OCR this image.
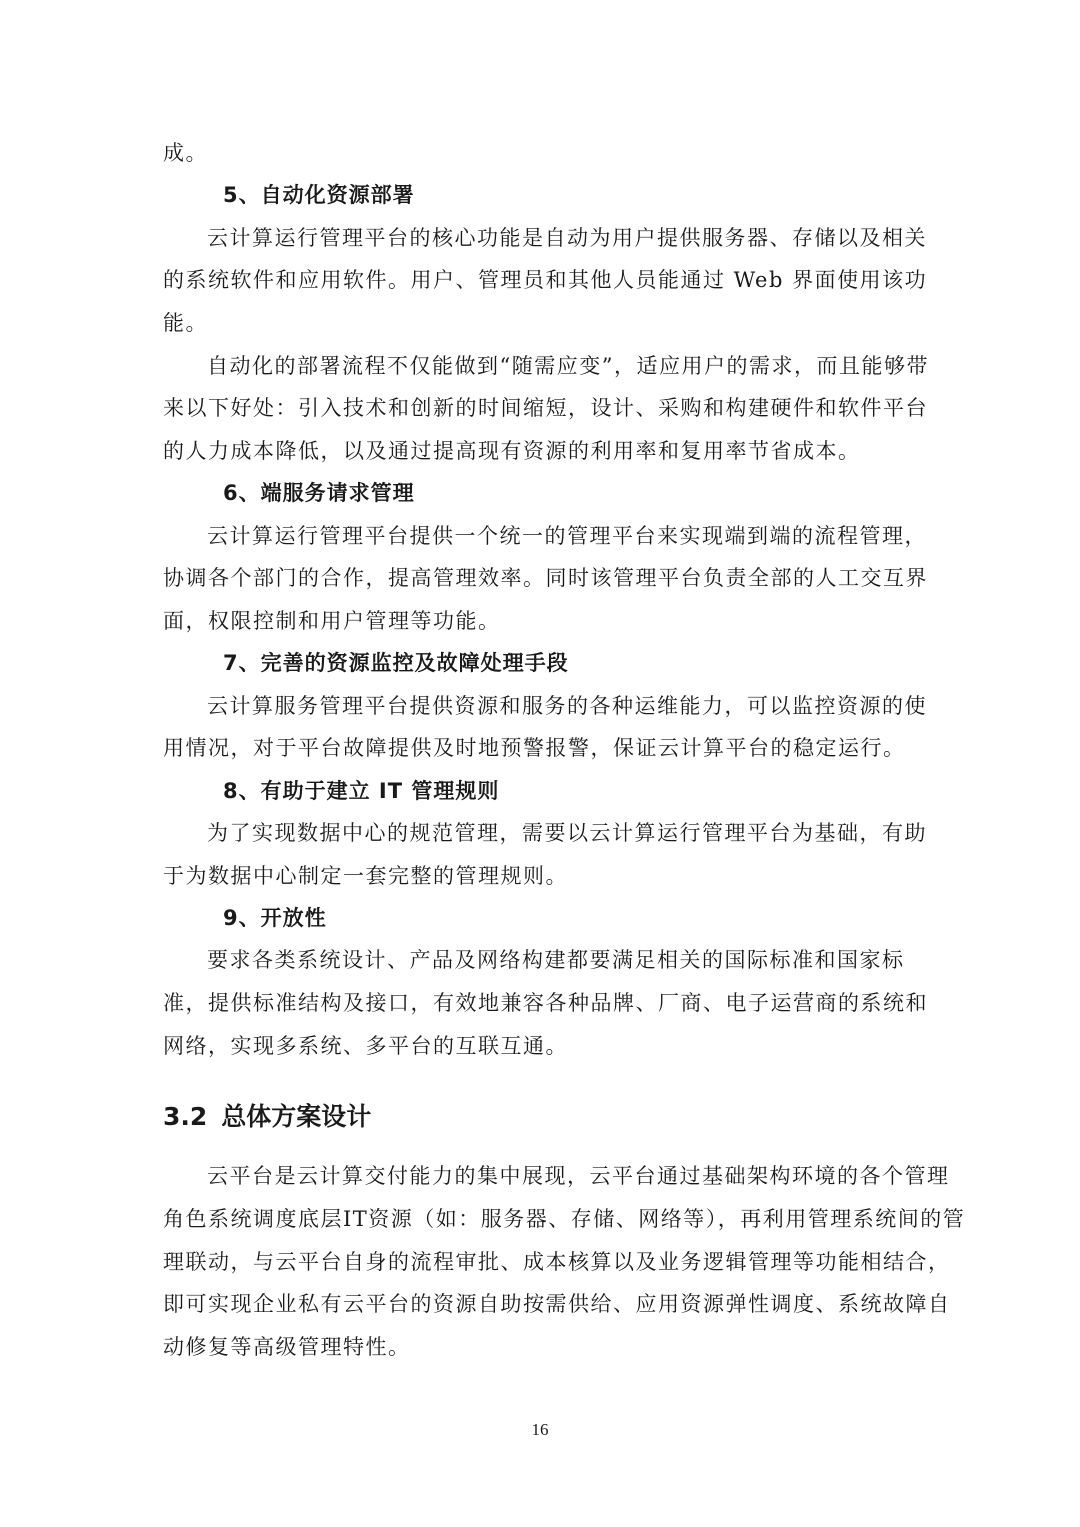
成。
5、自动化资源部署
云计算运行管理平台的核心功能是自动为用户提供服务器、存储以及相关
的系统软件和应用软件。用户、管理员和其他人员能通过 Web 界面使用该功
能。
自动化的部署流程不仅能做到“随需应变”，适应用户的需求，而且能够带
来以下好处：引入技术和创新的时间缩短，设计、采购和构建硬件和软件平台
的人力成本降低，以及通过提高现有资源的利用率和复用率节省成本。
6、端服务请求管理
云计算运行管理平台提供一个统一的管理平台来实现端到端的流程管理，
协调各个部门的合作，提高管理效率。同时该管理平台负责全部的人工交互界
面，权限控制和用户管理等功能。
7、完善的资源监控及故障处理手段
云计算服务管理平台提供资源和服务的各种运维能力，可以监控资源的使
用情况，对于平台故障提供及时地预警报警，保证云计算平台的稳定运行。
8、有助于建立 IT 管理规则
为了实现数据中心的规范管理，需要以云计算运行管理平台为基础，有助
于为数据中心制定一套完整的管理规则。
9、开放性
要求各类系统设计、产品及网络构建都要满足相关的国际标准和国家标
准，提供标准结构及接口，有效地兼容各种品牌、厂商、电子运营商的系统和
网络，实现多系统、多平台的互联互通。
3.2 总体方案设计
云平台是云计算交付能力的集中展现，云平台通过基础架构环境的各个管理
角色系统调度底层IT资源（如：服务器、存储、网络等），再利用管理系统间的管
理联动，与云平台自身的流程审批、成本核算以及业务逻辑管理等功能相结合，
即可实现企业私有云平台的资源自助按需供给、应用资源弹性调度、系统故障自
动修复等高级管理特性。
16
